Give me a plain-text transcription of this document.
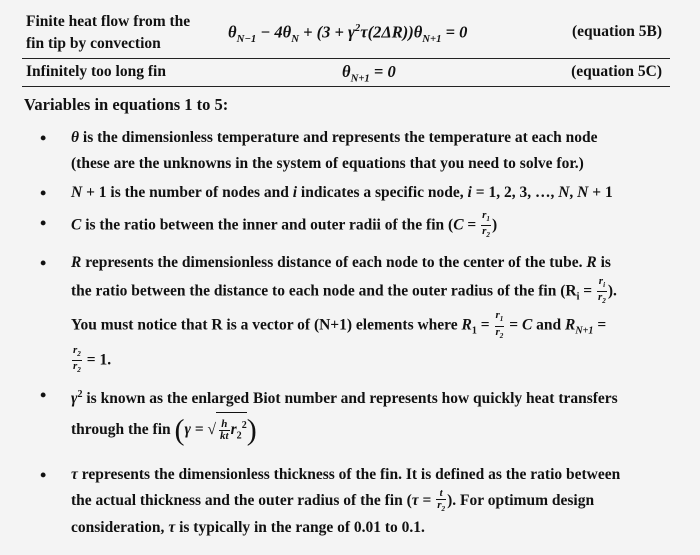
Finite heat flow from the
fin tip by convection
$\theta_{N-1} - 4\theta_N + (3 + \gamma^2\tau(2\Delta R))\theta_{N+1} = 0$	(equation 5B)
Infinitely too long fin	$\theta_{N+1} = 0$	(equation 5C)
Variables in equations 1 to 5:
• θ is the dimensionless temperature and represents the temperature at each node
(these are the unknowns in the system of equations that you need to solve for.)
• N + 1 is the number of nodes and i indicates a specific node, i = 1, 2, 3, …, N, N + 1
• C is the ratio between the inner and outer radii of the fin ($C = \frac{r_1}{r_2}$ )
• R represents the dimensionless distance of each node to the center of the tube. R is
the ratio between the distance to each node and the outer radius of the fin ($R_i = \frac{r_i}{r_2}$ ).
You must notice that R is a vector of (N+1) elements where $R_1 = \frac{r_1}{r_2} = C$ and $R_{N+1}$ =

$\frac{r_2}{r_2} = 1$.
• $\gamma^2$ is known as the enlarged Biot number and represents how quickly heat transfers
through the fin (γ = √ $\frac{h}{kt} r_2^2$)
• τ represents the dimensionless thickness of the fin. It is defined as the ratio between
the actual thickness and the outer radius of the fin ($\tau = \frac{t}{r_2}$ ). For optimum design
consideration, τ is typically in the range of 0.01 to 0.1.
